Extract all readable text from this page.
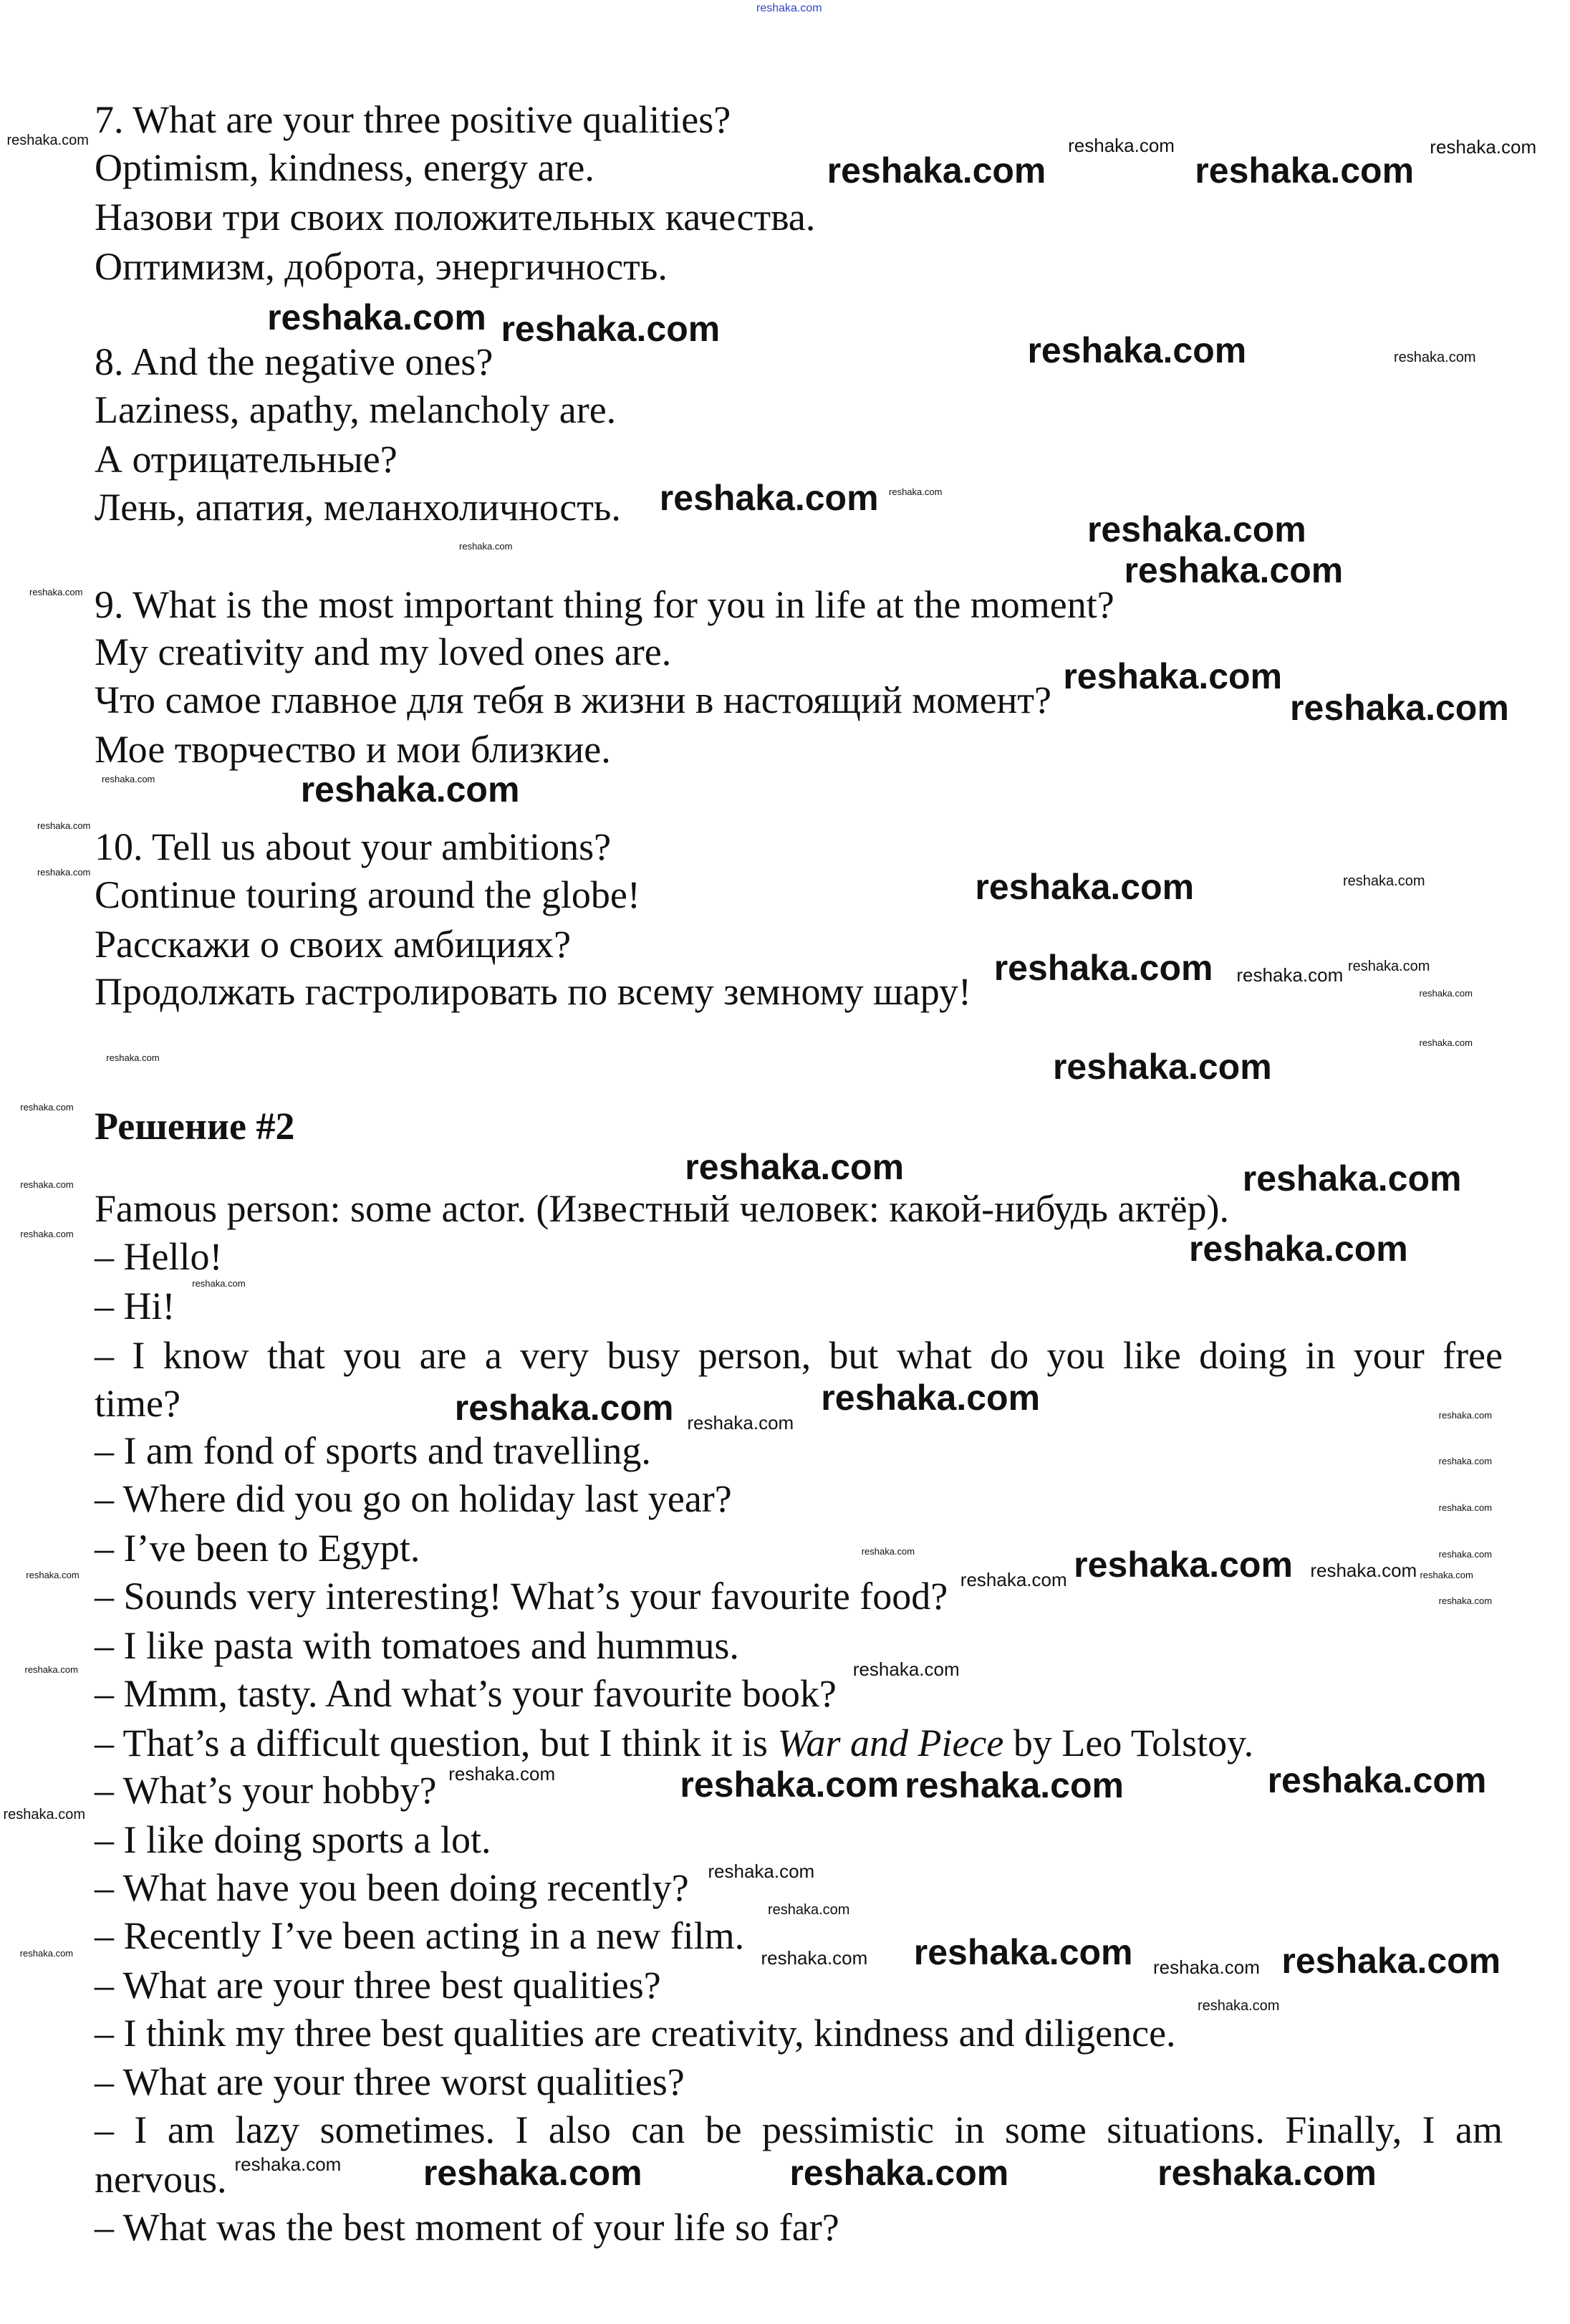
reshaka.com
7. What are your three positive qualities?
Optimism, kindness, energy are.
Назови три своих положительных качества.
Оптимизм, доброта, энергичность.
8. And the negative ones?
Laziness, apathy, melancholy are.
А отрицательные?
Лень, апатия, меланхоличность.
9. What is the most important thing for you in life at the moment?
My creativity and my loved ones are.
Что самое главное для тебя в жизни в настоящий момент?
Мое творчество и мои близкие.
10. Tell us about your ambitions?
Continue touring around the globe!
Расскажи о своих амбициях?
Продолжать гастролировать по всему земному шару!
Решение #2
Famous person: some actor. (Известный человек: какой-нибудь актёр).
– Hello!
– Hi!
– I know that you are a very busy person, but what do you like doing in your free
time?
– I am fond of sports and travelling.
– Where did you go on holiday last year?
– I’ve been to Egypt.
– Sounds very interesting! What’s your favourite food?
– I like pasta with tomatoes and hummus.
– Mmm, tasty. And what’s your favourite book?
– That’s a difficult question, but I think it is War and Piece by Leo Tolstoy.
– What’s your hobby?
– I like doing sports a lot.
– What have you been doing recently?
– Recently I’ve been acting in a new film.
– What are your three best qualities?
– I think my three best qualities are creativity, kindness and diligence.
– What are your three worst qualities?
– I am lazy sometimes. I also can be pessimistic in some situations. Finally, I am
nervous.
– What was the best moment of your life so far?
reshaka.com	reshaka.com
reshaka.com
reshaka.com
reshaka.com
reshaka.com
reshaka.com
reshaka.com
reshaka.com
reshaka.com
reshaka.com
reshaka.com
reshaka.com
reshaka.com
reshaka.com
reshaka.com
reshaka.com
reshaka.com
reshaka.com
reshaka.com
reshaka.com
reshaka.com
reshaka.com
reshaka.com	reshaka.com
reshaka.com	reshaka.com	reshaka.com
reshaka.com	reshaka.com
reshaka.com
reshaka.com
reshaka.com
reshaka.com
reshaka.com
reshaka.com
reshaka.com
reshaka.com	reshaka.com
reshaka.com
reshaka.com
reshaka.com
reshaka.com
reshaka.com
reshaka.com
reshaka.com
reshaka.com
reshaka.com
reshaka.com
reshaka.com
reshaka.com
reshaka.com
reshaka.com
reshaka.com
reshaka.com
reshaka.com
reshaka.com
reshaka.com
reshaka.com
reshaka.com
reshaka.com
reshaka.com
reshaka.com
reshaka.com
reshaka.com
reshaka.com
reshaka.com	reshaka.com
reshaka.com
reshaka.com
